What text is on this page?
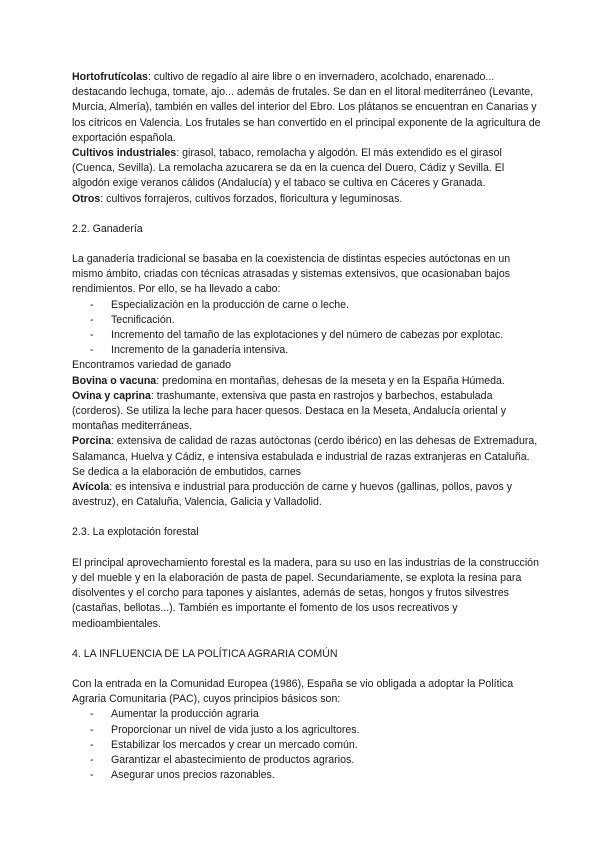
Hortofrutícolas: cultivo de regadío al aire libre o en invernadero, acolchado, enarenado... destacando lechuga, tomate, ajo... además de frutales. Se dan en el litoral mediterráneo (Levante, Murcia, Almería), también en valles del interior del Ebro. Los plátanos se encuentran en Canarias y los cítricos en Valencia. Los frutales se han convertido en el principal exponente de la agricultura de exportación española.

Cultivos industriales: girasol, tabaco, remolacha y algodón. El más extendido es el girasol (Cuenca, Sevilla). La remolacha azucarera se da en la cuenca del Duero, Cádiz y Sevilla. El algodón exige veranos cálidos (Andalucía) y el tabaco se cultiva en Cáceres y Granada.

Otros: cultivos forrajeros, cultivos forzados, floricultura y leguminosas.

2.2. Ganadería

La ganadería tradicional se basaba en la coexistencia de distintas especies autóctonas en un mismo ámbito, criadas con técnicas atrasadas y sistemas extensivos, que ocasionaban bajos rendimientos. Por ello, se ha llevado a cabo:

- Especialización en la producción de carne o leche.
- Tecnificación.
- Incremento del tamaño de las explotaciones y del número de cabezas por explotac.
- Incremento de la ganadería intensiva.

Encontramos variedad de ganado

Bovina o vacuna: predomina en montañas, dehesas de la meseta y en la España Húmeda.

Ovina y caprina: trashumante, extensiva que pasta en rastrojos y barbechos, estabulada (corderos). Se utiliza la leche para hacer quesos. Destaca en la Meseta, Andalucía oriental y montañas mediterráneas.

Porcina: extensiva de calidad de razas autóctonas (cerdo ibérico) en las dehesas de Extremadura, Salamanca, Huelva y Cádiz, e intensiva estabulada e industrial de razas extranjeras en Cataluña. Se dedica a la elaboración de embutidos, carnes

Avícola: es intensiva e industrial para producción de carne y huevos (gallinas, pollos, pavos y avestruz), en Cataluña, Valencia, Galicia y Valladolid.

2.3. La explotación forestal

El principal aprovechamiento forestal es la madera, para su uso en las industrias de la construcción y del mueble y en la elaboración de pasta de papel. Secundariamente, se explota la resina para disolventes y el corcho para tapones y aislantes, además de setas, hongos y frutos silvestres (castañas, bellotas...). También es importante el fomento de los usos recreativos y medioambientales.

4. LA INFLUENCIA DE LA POLÍTICA AGRARIA COMÚN

Con la entrada en la Comunidad Europea (1986), España se vio obligada a adoptar la Política Agraria Comunitaria (PAC), cuyos principios básicos son:

- Aumentar la producción agraria
- Proporcionar un nivel de vida justo a los agricultores.
- Estabilizar los mercados y crear un mercado común.
- Garantizar el abastecimiento de productos agrarios.
- Asegurar unos precios razonables.
